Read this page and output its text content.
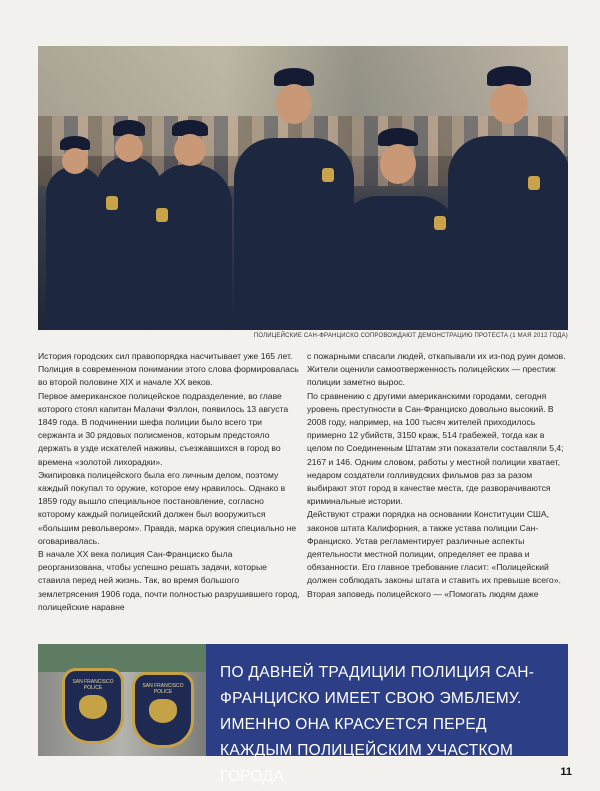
ПОЛИЦЕЙСКИЕ САН-ФРАНЦИСКО СОПРОВОЖДАЮТ ДЕМОНСТРАЦИЮ ПРОТЕСТА (1 МАЯ 2012 ГОДА)

История городских сил правопорядка насчитывает уже 165 лет. Полиция в современном понимании этого слова формировалась во второй половине XIX и начале XX веков.

Первое американское полицейское подразделение, во главе которого стоял капитан Малачи Фэллон, появилось 13 августа 1849 года. В подчинении шефа полиции было всего три сержанта и 30 рядовых полисменов, которым предстояло держать в узде искателей наживы, съезжавшихся в город во времена «золотой лихорадки».

Экипировка полицейского была его личным делом, поэтому каждый покупал то оружие, которое ему нравилось. Однако в 1859 году вышло специальное постановление, согласно которому каждый полицейский должен был вооружиться «большим револьвером». Правда, марка оружия специально не оговаривалась.

В начале XX века полиция Сан-Франциско была реорганизована, чтобы успешно решать задачи, которые ставила перед ней жизнь. Так, во время большого землетрясения 1906 года, почти полностью разрушившего город, полицейские наравне

с пожарными спасали людей, откапывали их из-под руин домов. Жители оценили самоотверженность полицейских — престиж полиции заметно вырос.

По сравнению с другими американскими городами, сегодня уровень преступности в Сан-Франциско довольно высокий. В 2008 году, например, на 100 тысяч жителей приходилось примерно 12 убийств, 3150 краж, 514 грабежей, тогда как в целом по Соединенным Штатам эти показатели составляли 5,4; 2167 и 146. Одним словом, работы у местной полиции хватает, недаром создатели голливудских фильмов раз за разом выбирают этот город в качестве места, где разворачиваются криминальные истории.

Действуют стражи порядка на основании Конституции США, законов штата Калифорния, а также устава полиции Сан-Франциско. Устав регламентирует различные аспекты деятельности местной полиции, определяет ее права и обязанности. Его главное требование гласит: «Полицейский должен соблюдать законы штата и ставить их превыше всего».

Вторая заповедь полицейского — «Помогать людям даже

SAN FRANCISCO POLICE	SAN FRANCISCO POLICE
ПО ДАВНЕЙ ТРАДИЦИИ ПОЛИЦИЯ САН-ФРАНЦИСКО ИМЕЕТ СВОЮ ЭМБЛЕМУ. ИМЕННО ОНА КРАСУЕТСЯ ПЕРЕД КАЖДЫМ ПОЛИЦЕЙСКИМ УЧАСТКОМ ГОРОДА	11
